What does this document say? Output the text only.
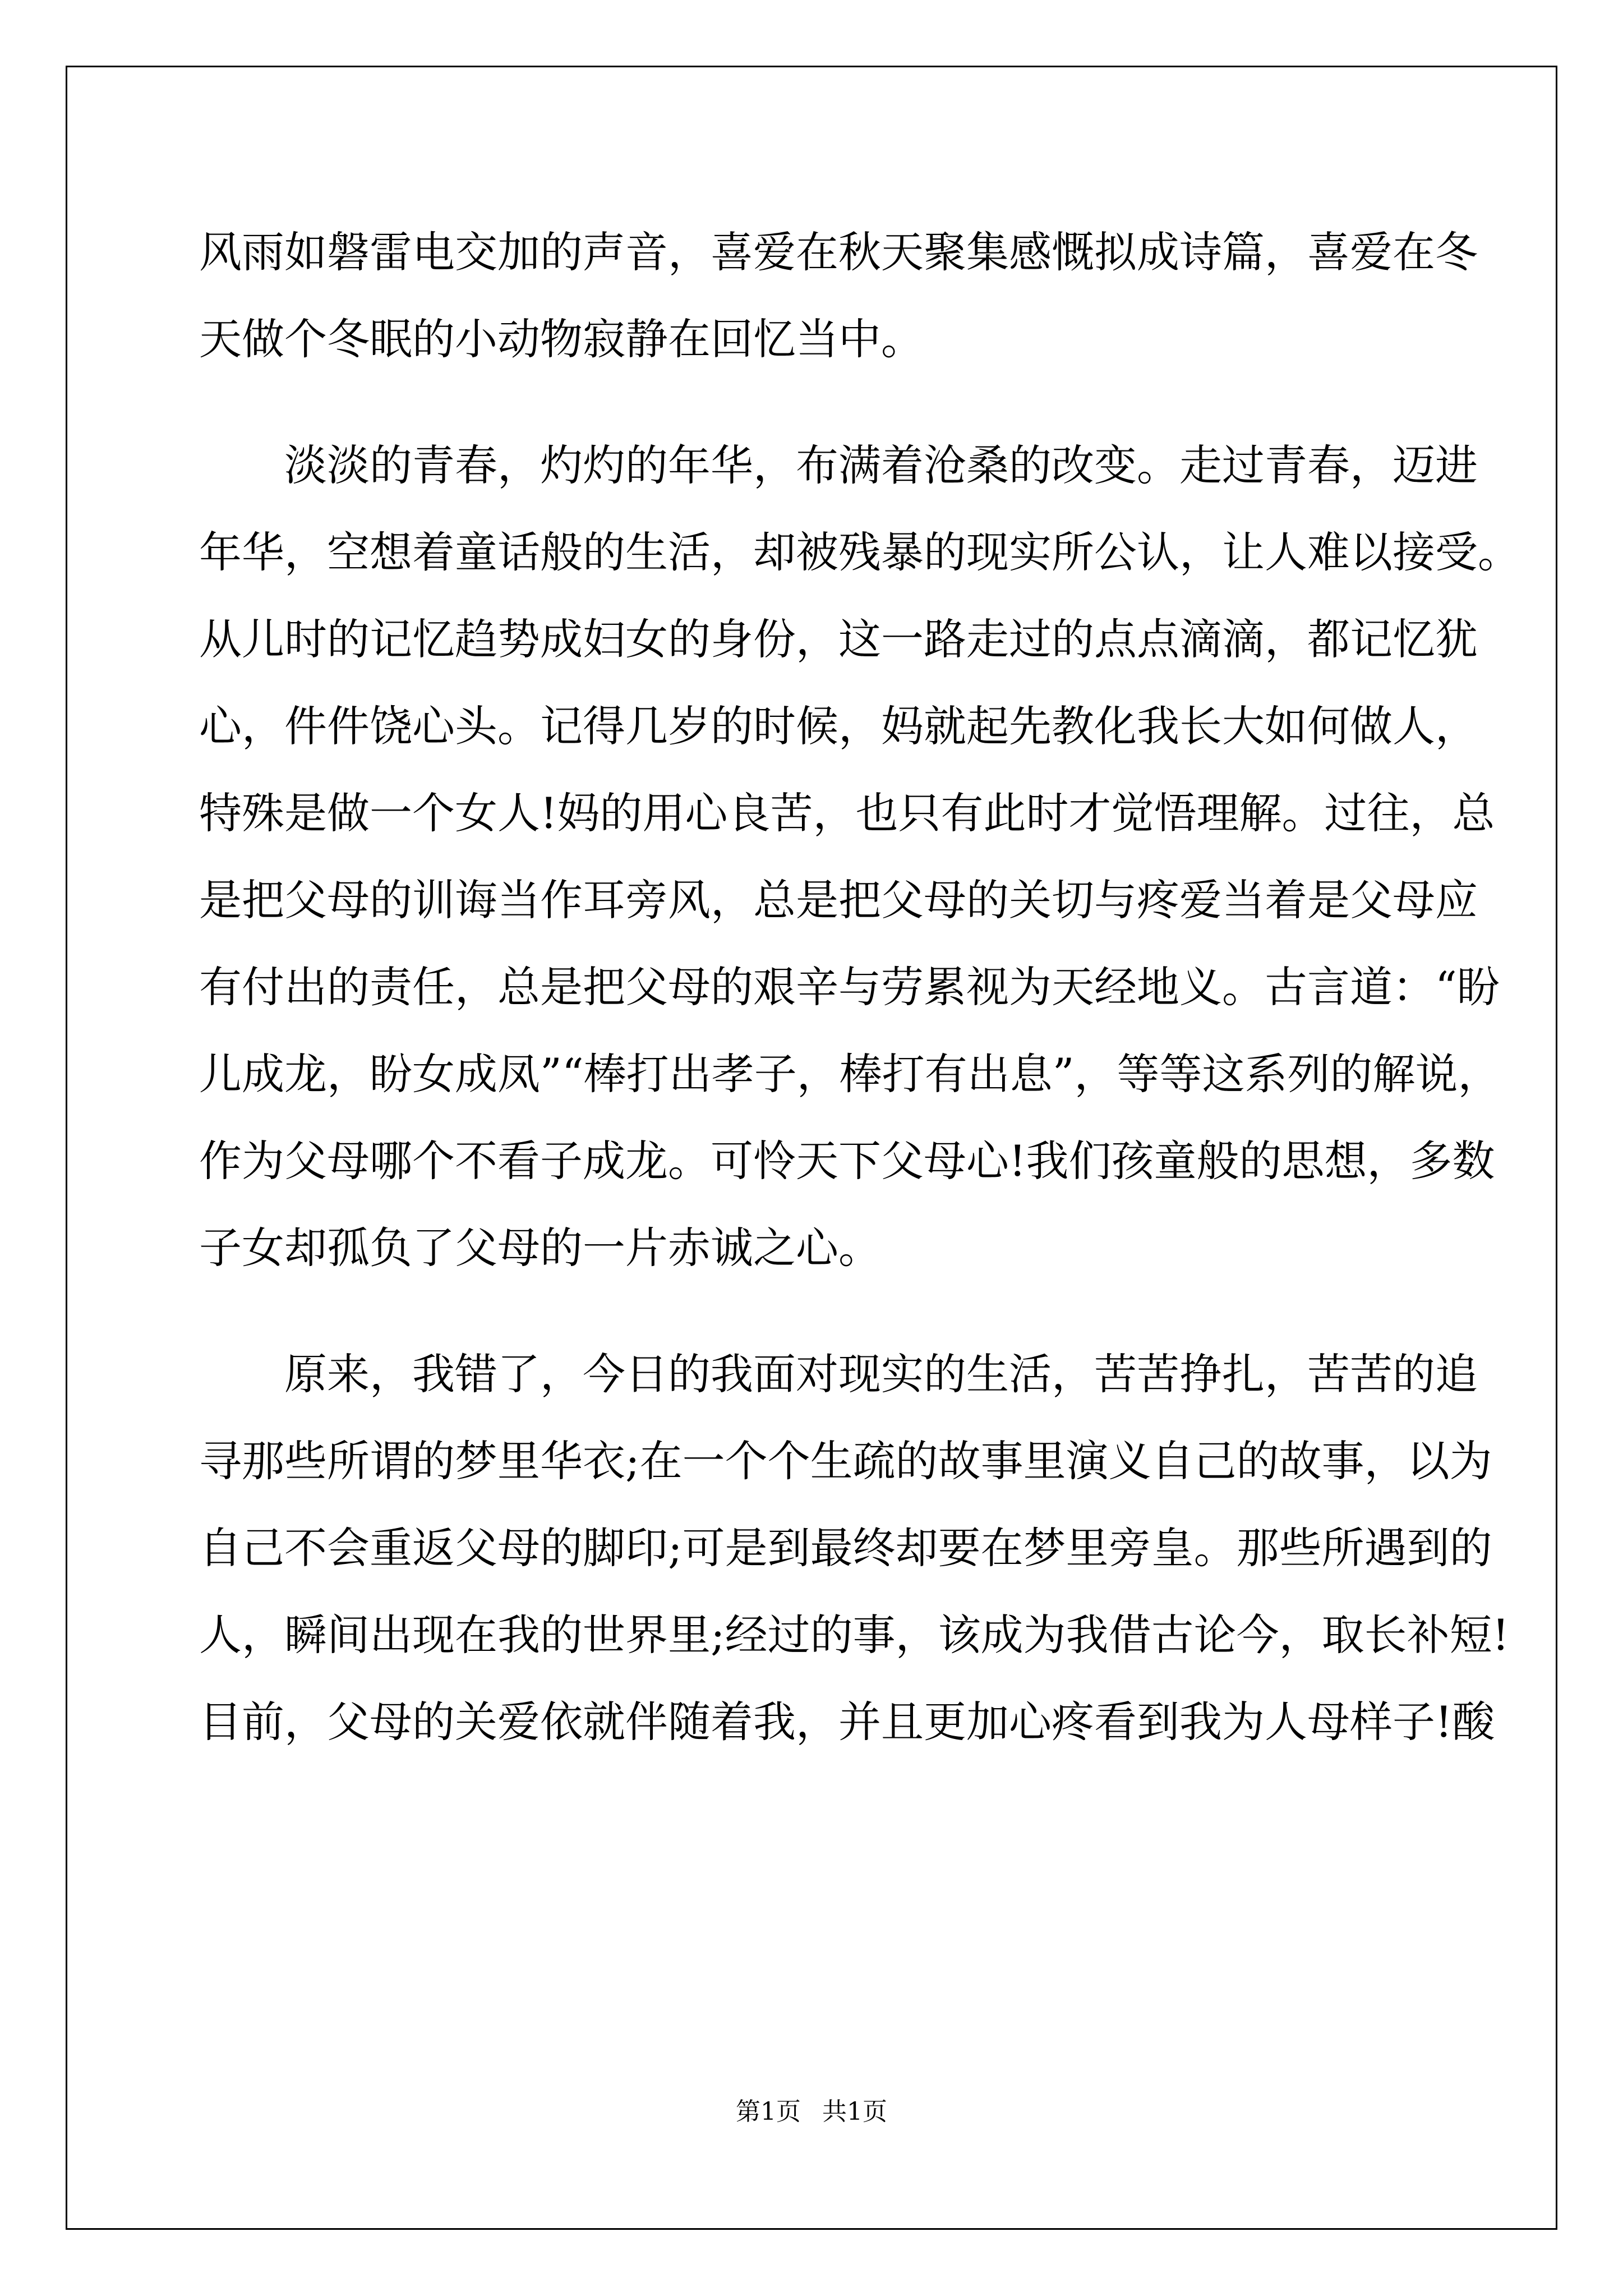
风雨如磐雷电交加的声音，喜爱在秋天聚集感慨拟成诗篇，喜爱在冬
天做个冬眠的小动物寂静在回忆当中。
　　淡淡的青春，灼灼的年华，布满着沧桑的改变。走过青春，迈进
年华，空想着童话般的生活，却被残暴的现实所公认，让人难以接受。
从儿时的记忆趋势成妇女的身份，这一路走过的点点滴滴，都记忆犹
心，件件饶心头。记得几岁的时候，妈就起先教化我长大如何做人，
特殊是做一个女人!妈的用心良苦，也只有此时才觉悟理解。过往，总
是把父母的训诲当作耳旁风，总是把父母的关切与疼爱当着是父母应
有付出的责任，总是把父母的艰辛与劳累视为天经地义。古言道：“盼
儿成龙，盼女成凤”“棒打出孝子，棒打有出息”，等等这系列的解说，
作为父母哪个不看子成龙。可怜天下父母心!我们孩童般的思想，多数
子女却孤负了父母的一片赤诚之心。
　　原来，我错了，今日的我面对现实的生活，苦苦挣扎，苦苦的追
寻那些所谓的梦里华衣;在一个个生疏的故事里演义自己的故事，以为
自己不会重返父母的脚印;可是到最终却要在梦里旁皇。那些所遇到的
人，瞬间出现在我的世界里;经过的事，该成为我借古论今，取长补短!
目前，父母的关爱依就伴随着我，并且更加心疼看到我为人母样子!酸
第1页 共1页
